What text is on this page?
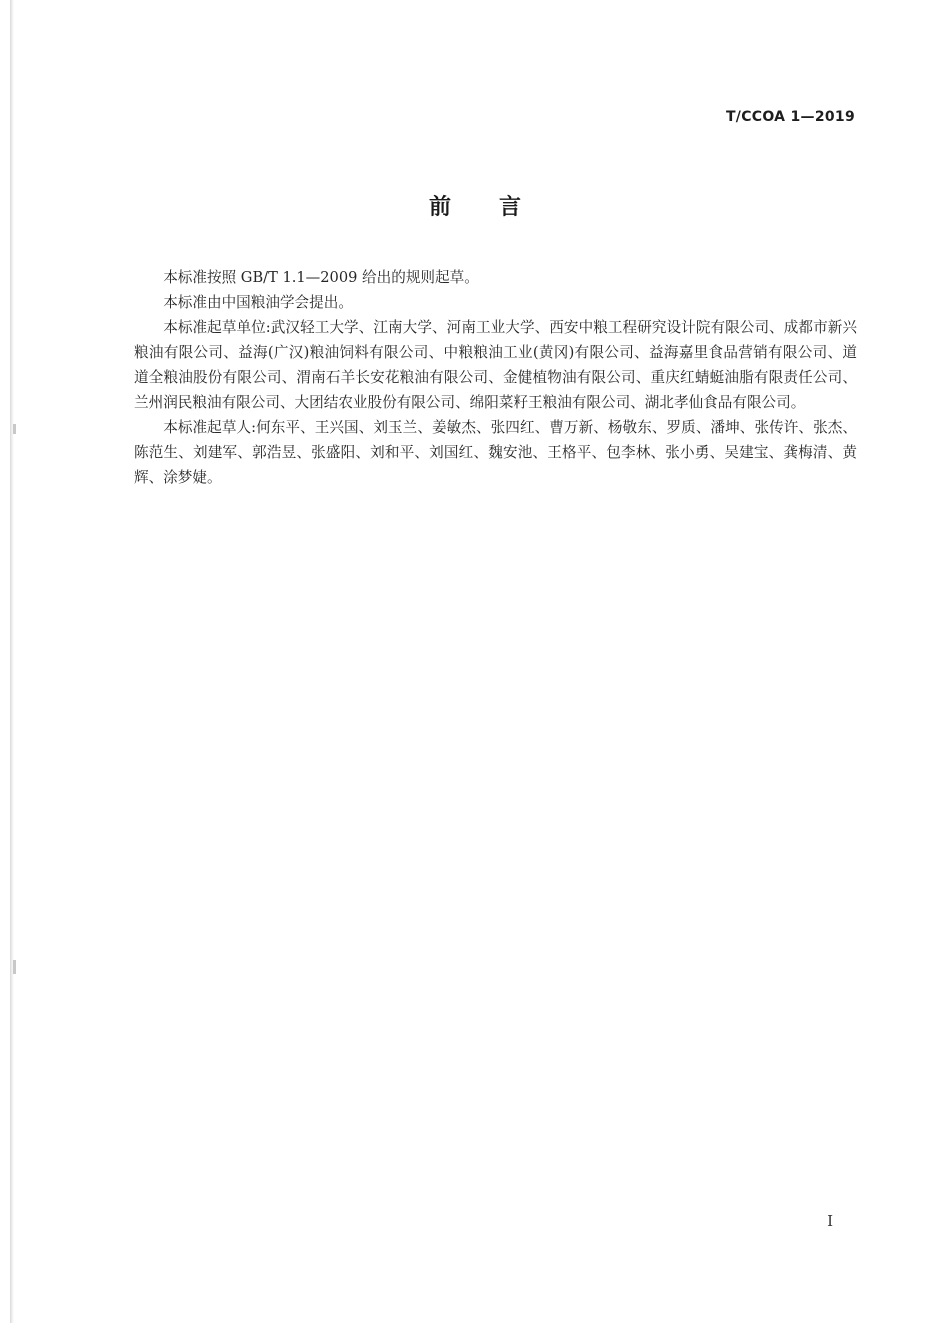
T/CCOA 1—2019
前言

本标准按照 GB/T 1.1—2009 给出的规则起草。

本标准由中国粮油学会提出。

本标准起草单位:武汉轻工大学、江南大学、河南工业大学、西安中粮工程研究设计院有限公司、成都市新兴粮油有限公司、益海(广汉)粮油饲料有限公司、中粮粮油工业(黄冈)有限公司、益海嘉里食品营销有限公司、道道全粮油股份有限公司、渭南石羊长安花粮油有限公司、金健植物油有限公司、重庆红蜻蜓油脂有限责任公司、兰州润民粮油有限公司、大团结农业股份有限公司、绵阳菜籽王粮油有限公司、湖北孝仙食品有限公司。

本标准起草人:何东平、王兴国、刘玉兰、姜敏杰、张四红、曹万新、杨敬东、罗质、潘坤、张传许、张杰、陈范生、刘建军、郭浩昱、张盛阳、刘和平、刘国红、魏安池、王格平、包李林、张小勇、吴建宝、龚梅清、黄辉、涂梦婕。

I
